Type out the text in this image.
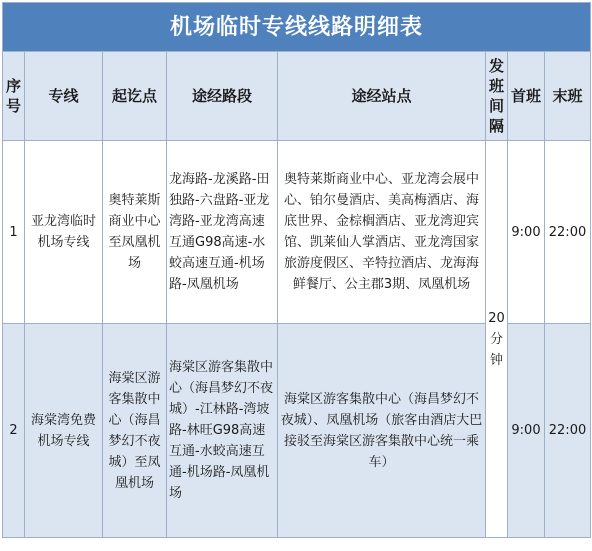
机场临时专线线路明细表							
序号	专线	起讫点	途经路段	途经站点	发班间隔	首班	末班
1	亚龙湾临时机场专线	奥特莱斯商业中心至凤凰机场	龙海路-龙溪路-田独路-六盘路-亚龙湾路-亚龙湾高速互通G98高速-水蛟高速互通-机场路-凤凰机场	奥特莱斯商业中心、亚龙湾会展中心、铂尔曼酒店、美高梅酒店、海底世界、金棕榈酒店、亚龙湾迎宾馆、凯莱仙人掌酒店、亚龙湾国家旅游度假区、辛特拉酒店、龙海海鲜餐厅、公主郡3期、凤凰机场	20分钟	9:00	22:00
2	海棠湾免费机场专线	海棠区游客集散中心（海昌梦幻不夜城）至凤凰机场	海棠区游客集散中心（海昌梦幻不夜城）-江林路-湾坡路-林旺G98高速互通-水蛟高速互通-机场路-凤凰机场	海棠区游客集散中心（海昌梦幻不夜城）、凤凰机场（旅客由酒店大巴接驳至海棠区游客集散中心统一乘车）		9:00	22:00
